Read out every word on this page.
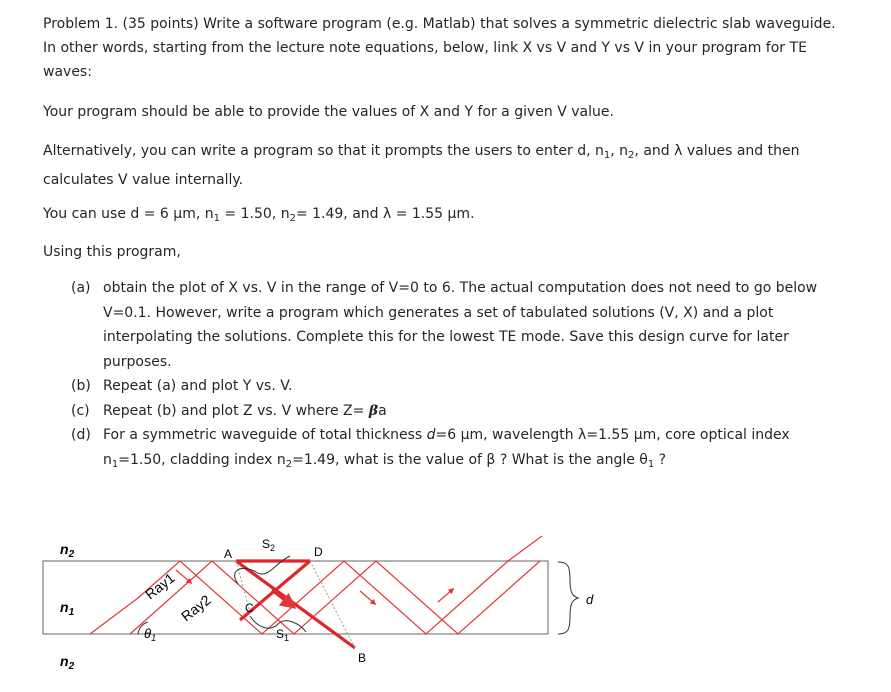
Problem 1. (35 points) Write a software program (e.g. Matlab) that solves a symmetric dielectric slab waveguide. In other words, starting from the lecture note equations, below, link X vs V and Y vs V in your program for TE waves:

Your program should be able to provide the values of X and Y for a given V value.

Alternatively, you can write a program so that it prompts the users to enter d, $n_1$, $n_2$, and λ values and then calculates V value internally.

You can use d = 6 µm, $n_1 = 1.50$, $n_2= 1.49$, and λ = 1.55 µm.

Using this program,

(a) obtain the plot of X vs. V in the range of V=0 to 6. The actual computation does not need to go below V=0.1. However, write a program which generates a set of tabulated solutions (V, X) and a plot interpolating the solutions. Complete this for the lowest TE mode. Save this design curve for later purposes.
(b) Repeat (a) and plot Y vs. V.
(c) Repeat (b) and plot Z vs. V where Z= βa
(d) For a symmetric waveguide of total thickness d=6 µm, wavelength λ=1.55 µm, core optical index $n_1=1.50$, cladding index $n_2=1.49$, what is the value of β ? What is the angle $\theta_1$ ?
$n_2$
$n_1$
$n_2$
Ray1
Ray2
$\theta_1$
A	D
C
B
$S_2$
$S_1$
d
